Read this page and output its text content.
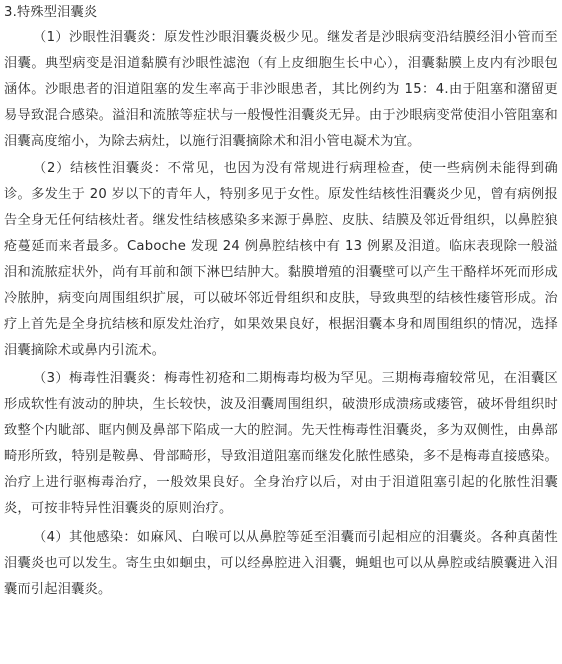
3.特殊型泪囊炎

（1）沙眼性泪囊炎：原发性沙眼泪囊炎极少见。继发者是沙眼病变沿结膜经泪小管而至泪囊。典型病变是泪道黏膜有沙眼性滤泡（有上皮细胞生长中心），泪囊黏膜上皮内有沙眼包涵体。沙眼患者的泪道阻塞的发生率高于非沙眼患者，其比例约为 15：4.由于阻塞和潴留更易导致混合感染。溢泪和流脓等症状与一般慢性泪囊炎无异。由于沙眼病变常使泪小管阻塞和泪囊高度缩小，为除去病灶，以施行泪囊摘除术和泪小管电凝术为宜。

（2）结核性泪囊炎：不常见，也因为没有常规进行病理检查，使一些病例未能得到确诊。多发生于 20 岁以下的青年人，特别多见于女性。原发性结核性泪囊炎少见，曾有病例报告全身无任何结核灶者。继发性结核感染多来源于鼻腔、皮肤、结膜及邻近骨组织，以鼻腔狼疮蔓延而来者最多。Caboche 发现 24 例鼻腔结核中有 13 例累及泪道。临床表现除一般溢泪和流脓症状外，尚有耳前和颌下淋巴结肿大。黏膜增殖的泪囊壁可以产生干酪样坏死而形成冷脓肿，病变向周围组织扩展，可以破坏邻近骨组织和皮肤，导致典型的结核性瘘管形成。治疗上首先是全身抗结核和原发灶治疗，如果效果良好，根据泪囊本身和周围组织的情况，选择泪囊摘除术或鼻内引流术。

（3）梅毒性泪囊炎：梅毒性初疮和二期梅毒均极为罕见。三期梅毒瘤较常见，在泪囊区形成软性有波动的肿块，生长较快，波及泪囊周围组织，破溃形成溃疡或瘘管，破坏骨组织时致整个内眦部、眶内侧及鼻部下陷成一大的腔洞。先天性梅毒性泪囊炎，多为双侧性，由鼻部畸形所致，特别是鞍鼻、骨部畸形，导致泪道阻塞而继发化脓性感染，多不是梅毒直接感染。治疗上进行驱梅毒治疗，一般效果良好。全身治疗以后，对由于泪道阻塞引起的化脓性泪囊炎，可按非特异性泪囊炎的原则治疗。

（4）其他感染：如麻风、白喉可以从鼻腔等延至泪囊而引起相应的泪囊炎。各种真菌性泪囊炎也可以发生。寄生虫如蛔虫，可以经鼻腔进入泪囊，蝇蛆也可以从鼻腔或结膜囊进入泪囊而引起泪囊炎。
